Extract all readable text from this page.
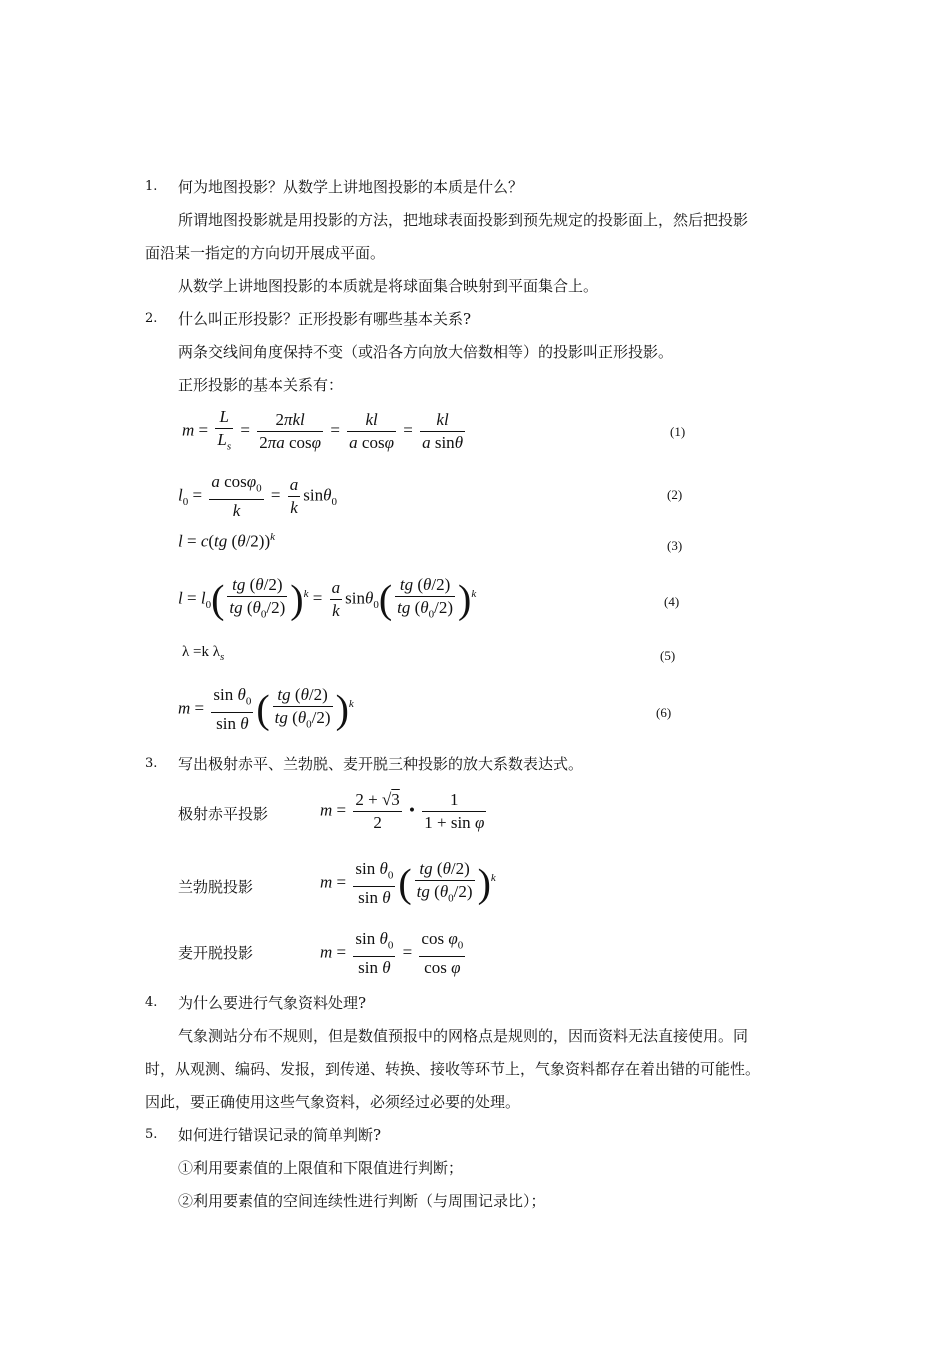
1. 何为地图投影？从数学上讲地图投影的本质是什么？
所谓地图投影就是用投影的方法，把地球表面投影到预先规定的投影面上，然后把投影
面沿某一指定的方向切开展成平面。
从数学上讲地图投影的本质就是将球面集合映射到平面集合上。
2. 什么叫正形投影？正形投影有哪些基本关系?
两条交线间角度保持不变（或沿各方向放大倍数相等）的投影叫正形投影。
正形投影的基本关系有：
$m = \frac{L}{L_s} = \frac{\text{2πkl}}{\text{2πa cosφ}} = \frac{kl}{\text{a cosφ}} = \frac{kl}{\text{a sinθ}}$	(1)
$l_0 = \frac{a \cos\varphi_0}{k} = \frac{a}{k} \sin\theta_0$	(2)
l = c(tg (θ/2))$^k$
(3)
$l = l_0( \frac{tg (\theta/2)}{tg (\theta_0/2)} )^k = \frac{a}{k} \sin\theta_0( \frac{tg (\theta/2)}{tg (\theta_0/2)} )^k$
(4)
λ =k $\lambda_s$	(5)
$m = \frac{\sin \theta_0}{\text{sin θ}}$ ( $\frac{tg (\theta/2)}{tg (\theta_0/2)} )^k$
(6)
3. 写出极射赤平、兰勃脱、麦开脱三种投影的放大系数表达式。
极射赤平投影	$m = \frac{2 + √3}{2}$ • $\frac{1}{\text{1 + sin φ}}$
兰勃脱投影	$m = \frac{\sin \theta_0}{\text{sin θ}}$ ( $\frac{tg (\theta/2)}{tg (\theta_0/2)} )^k$
麦开脱投影	$m = \frac{\sin \theta_0}{\text{sin θ}} = \frac{\cos \varphi_0}{\text{cos φ}}$
4. 为什么要进行气象资料处理?
气象测站分布不规则，但是数值预报中的网格点是规则的，因而资料无法直接使用。同
时，从观测、编码、发报，到传递、转换、接收等环节上，气象资料都存在着出错的可能性。
因此，要正确使用这些气象资料，必须经过必要的处理。
5. 如何进行错误记录的简单判断?
①利用要素值的上限值和下限值进行判断；
②利用要素值的空间连续性进行判断（与周围记录比）；
